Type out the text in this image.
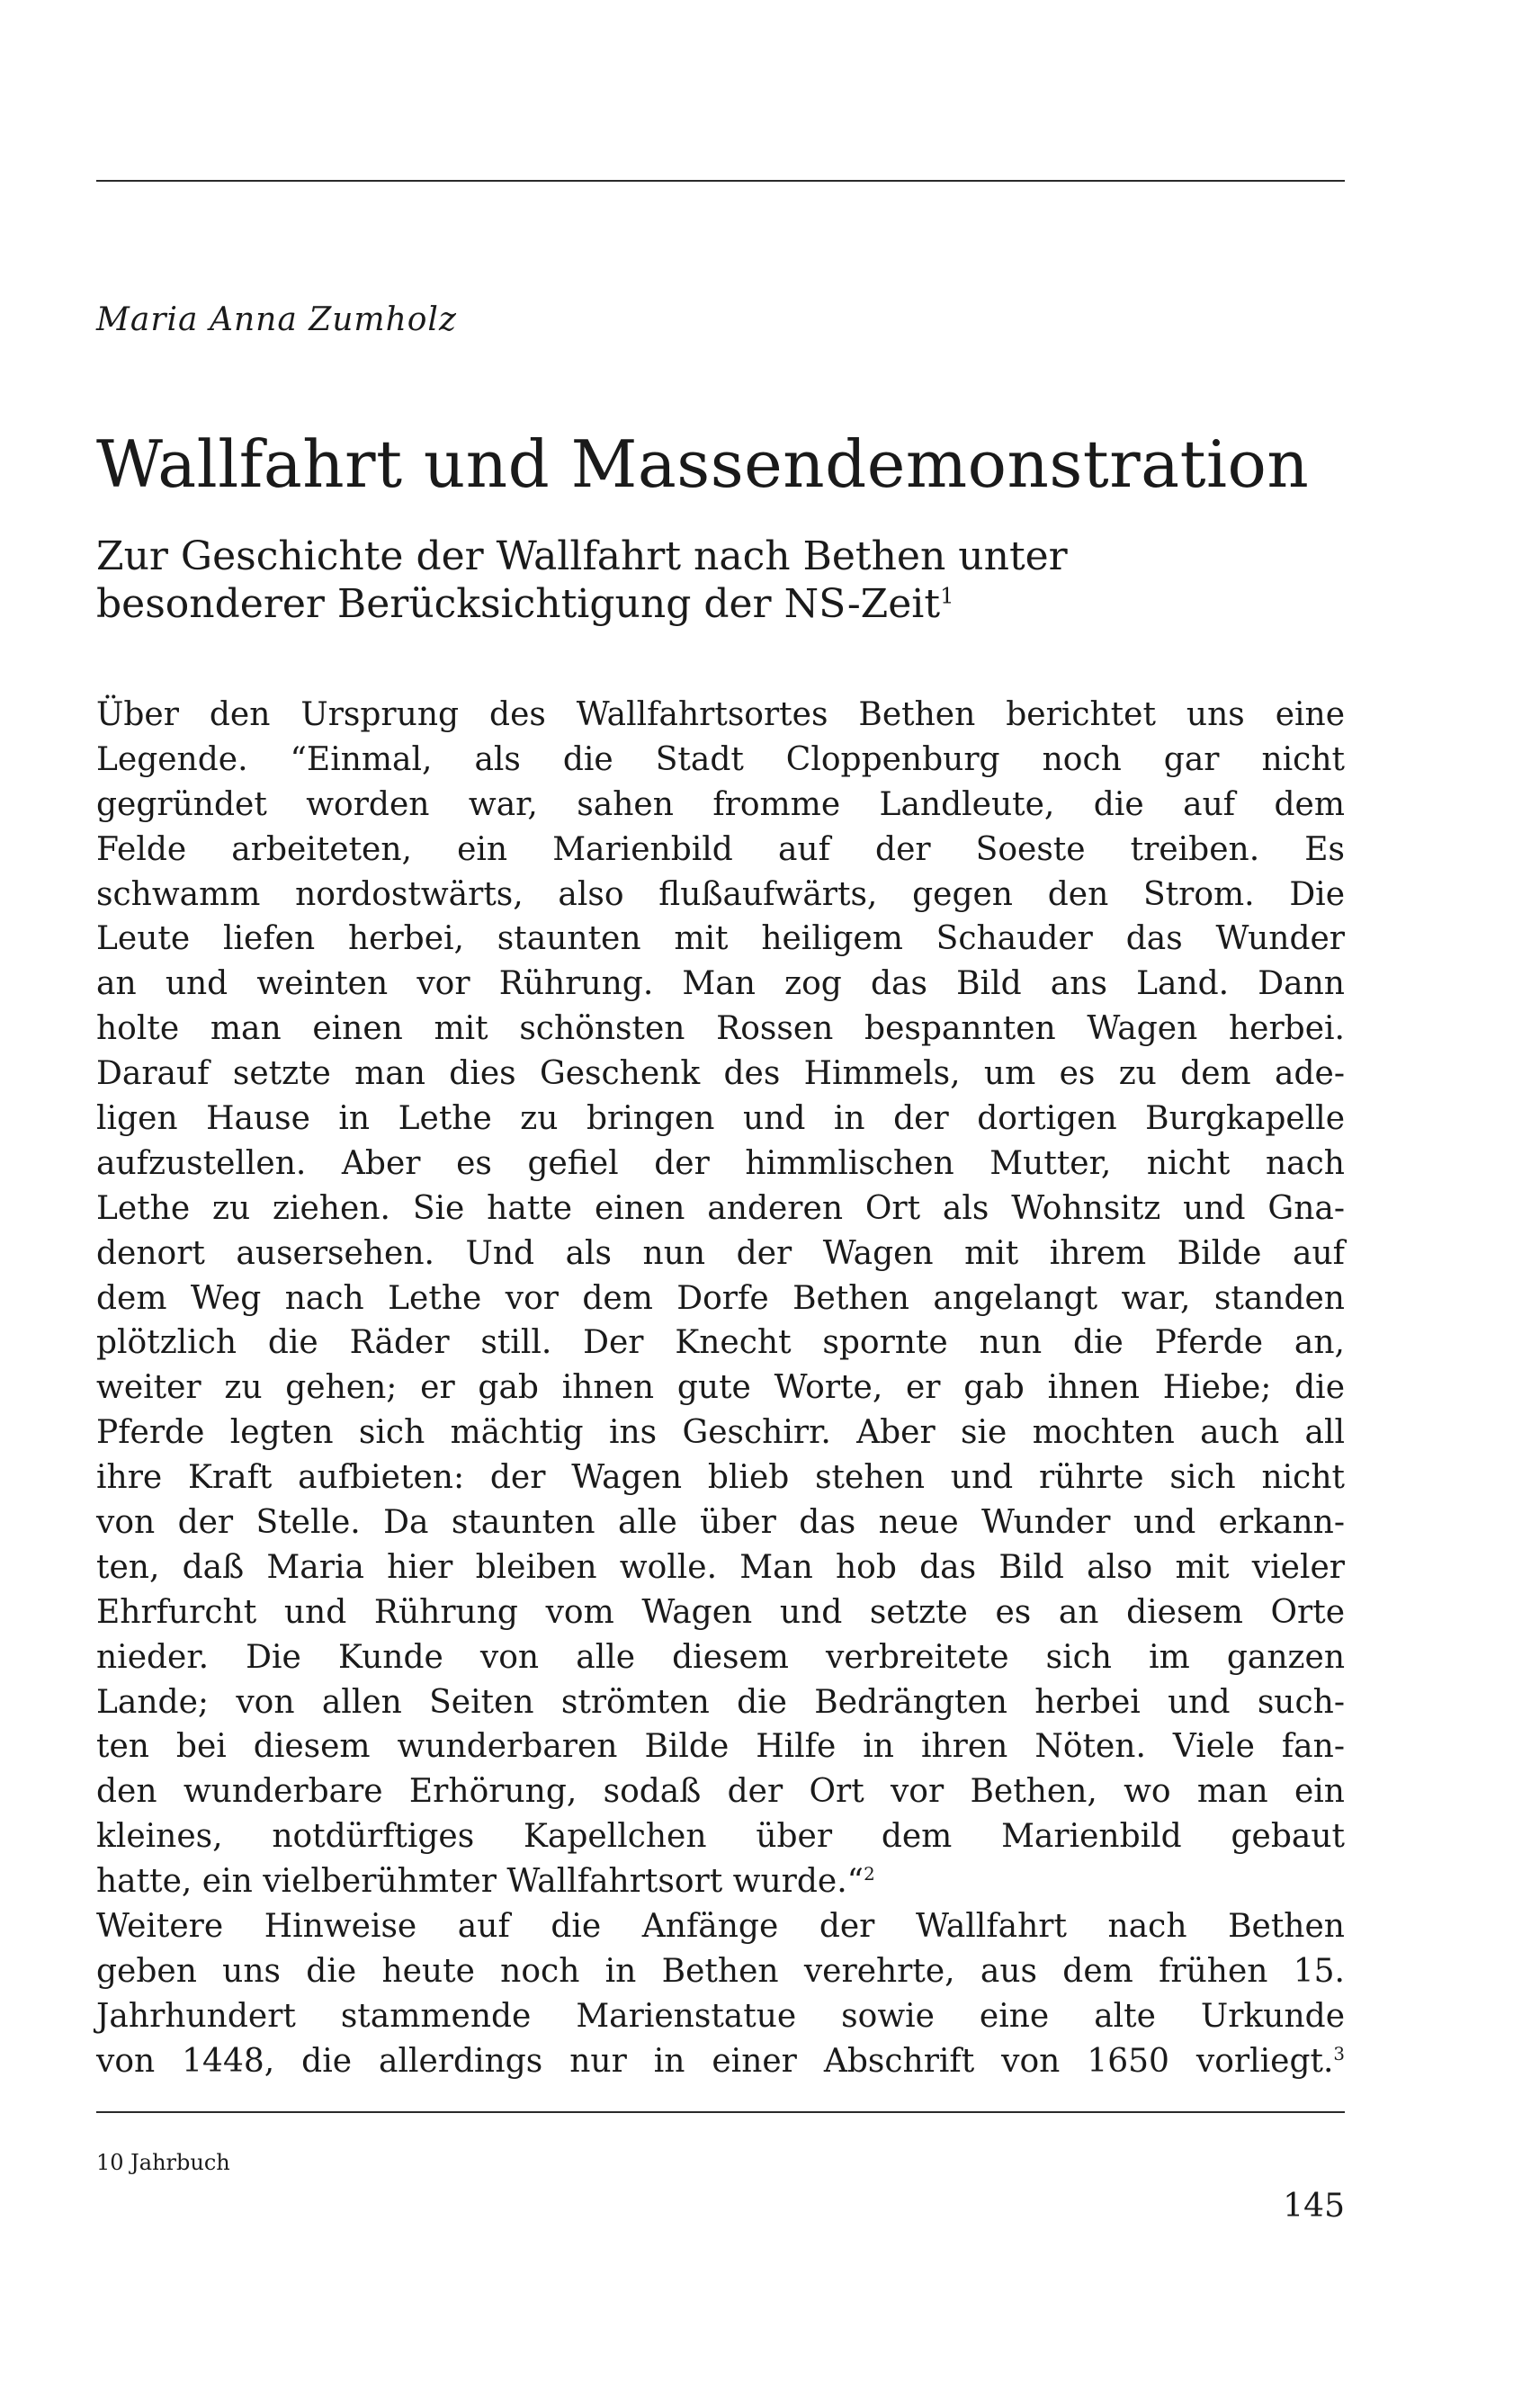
Maria Anna Zumholz
Wallfahrt und Massendemonstration
Zur Geschichte der Wallfahrt nach Bethen unter
besonderer Berücksichtigung der NS-Zeit$^1$
Über den Ursprung des Wallfahrtsortes Bethen berichtet uns eine
Legende. “Einmal, als die Stadt Cloppenburg noch gar nicht
gegründet worden war, sahen fromme Landleute, die auf dem
Felde arbeiteten, ein Marienbild auf der Soeste treiben. Es
schwamm nordostwärts, also flußaufwärts, gegen den Strom. Die
Leute liefen herbei, staunten mit heiligem Schauder das Wunder
an und weinten vor Rührung. Man zog das Bild ans Land. Dann
holte man einen mit schönsten Rossen bespannten Wagen herbei.
Darauf setzte man dies Geschenk des Himmels, um es zu dem ade-
ligen Hause in Lethe zu bringen und in der dortigen Burgkapelle
aufzustellen. Aber es gefiel der himmlischen Mutter, nicht nach
Lethe zu ziehen. Sie hatte einen anderen Ort als Wohnsitz und Gna-
denort ausersehen. Und als nun der Wagen mit ihrem Bilde auf
dem Weg nach Lethe vor dem Dorfe Bethen angelangt war, standen
plötzlich die Räder still. Der Knecht spornte nun die Pferde an,
weiter zu gehen; er gab ihnen gute Worte, er gab ihnen Hiebe; die
Pferde legten sich mächtig ins Geschirr. Aber sie mochten auch all
ihre Kraft aufbieten: der Wagen blieb stehen und rührte sich nicht
von der Stelle. Da staunten alle über das neue Wunder und erkann-
ten, daß Maria hier bleiben wolle. Man hob das Bild also mit vieler
Ehrfurcht und Rührung vom Wagen und setzte es an diesem Orte
nieder. Die Kunde von alle diesem verbreitete sich im ganzen
Lande; von allen Seiten strömten die Bedrängten herbei und such-
ten bei diesem wunderbaren Bilde Hilfe in ihren Nöten. Viele fan-
den wunderbare Erhörung, sodaß der Ort vor Bethen, wo man ein
kleines, notdürftiges Kapellchen über dem Marienbild gebaut
hatte, ein vielberühmter Wallfahrtsort wurde.“$^2$
Weitere Hinweise auf die Anfänge der Wallfahrt nach Bethen
geben uns die heute noch in Bethen verehrte, aus dem frühen 15.
Jahrhundert stammende Marienstatue sowie eine alte Urkunde
von 1448, die allerdings nur in einer Abschrift von 1650 vorliegt.$^3$
10 Jahrbuch
145
